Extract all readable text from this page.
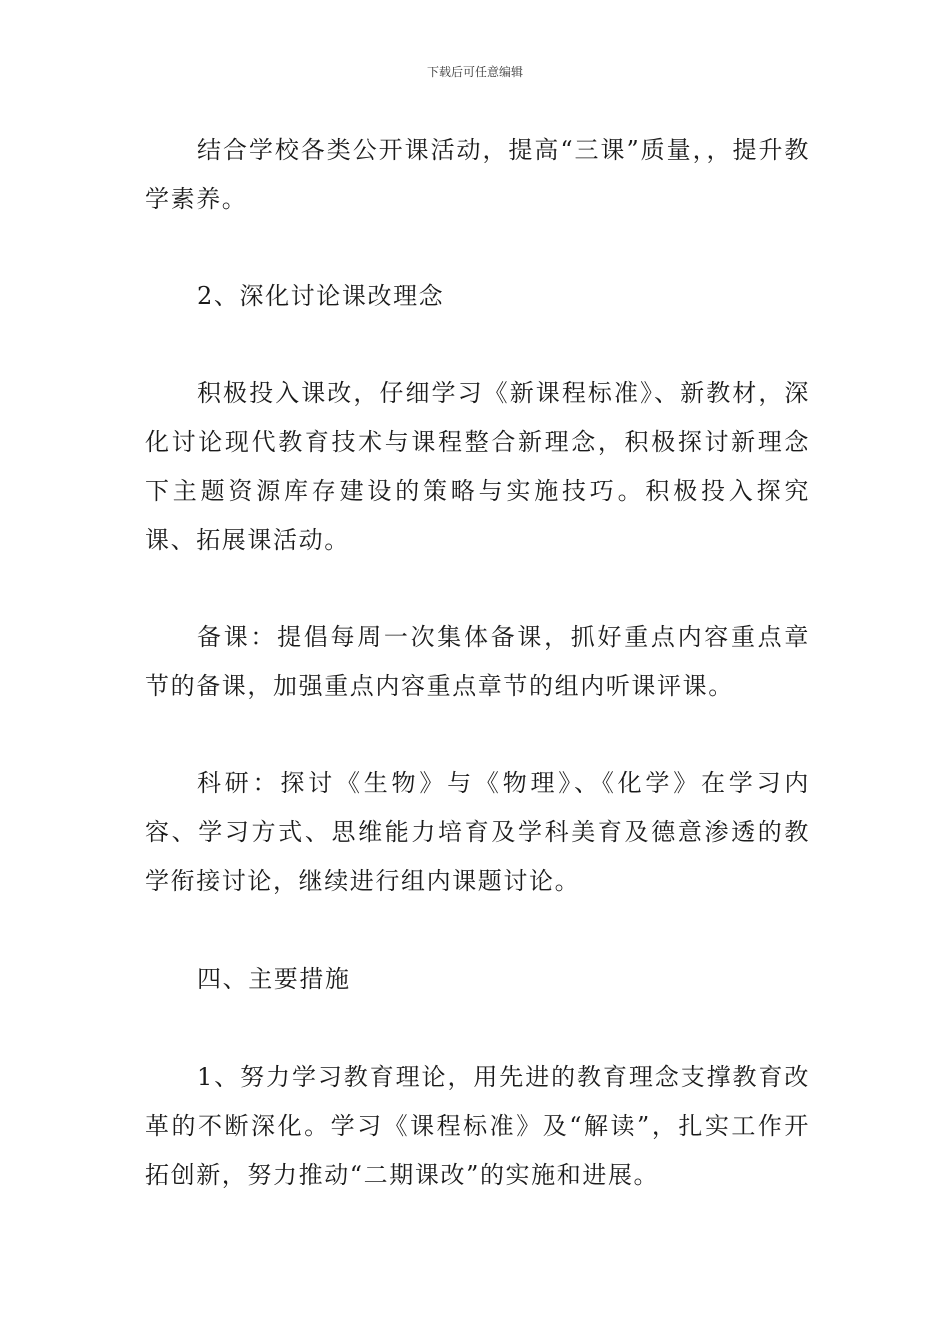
下载后可任意编辑

结合学校各类公开课活动，提高“三课”质量，，提升教学素养。

2、深化讨论课改理念

积极投入课改，仔细学习《新课程标准》、新教材，深化讨论现代教育技术与课程整合新理念，积极探讨新理念下主题资源库存建设的策略与实施技巧。积极投入探究课、拓展课活动。

备课：提倡每周一次集体备课，抓好重点内容重点章节的备课，加强重点内容重点章节的组内听课评课。

科研：探讨《生物》与《物理》、《化学》在学习内容、学习方式、思维能力培育及学科美育及德意渗透的教学衔接讨论，继续进行组内课题讨论。

四、主要措施

1、努力学习教育理论，用先进的教育理念支撑教育改革的不断深化。学习《课程标准》及“解读”，扎实工作开拓创新，努力推动“二期课改”的实施和进展。
